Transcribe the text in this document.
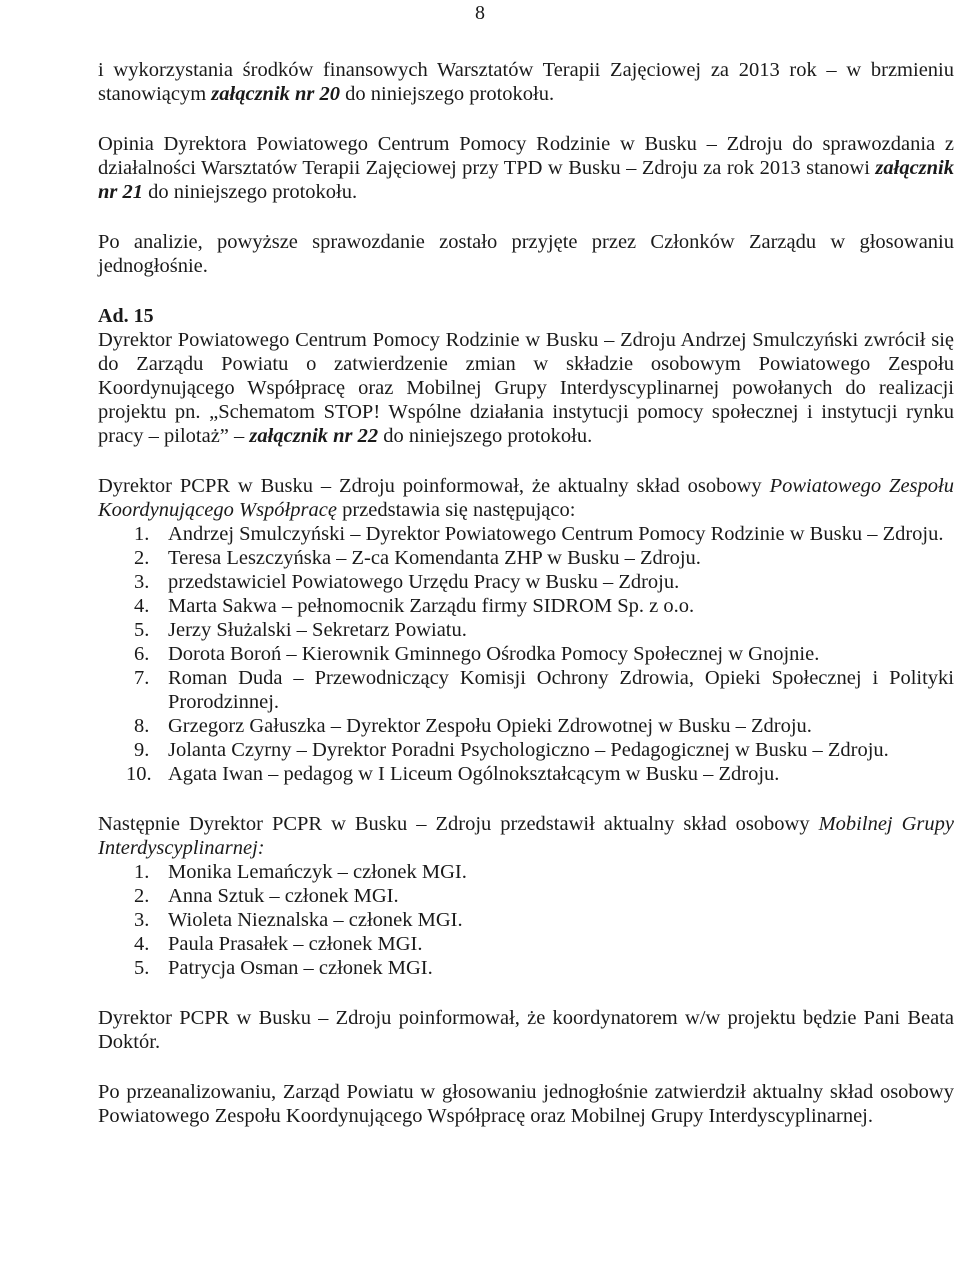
8

i wykorzystania środków finansowych Warsztatów Terapii Zajęciowej za 2013 rok – w brzmieniu stanowiącym załącznik nr 20 do niniejszego protokołu.

Opinia Dyrektora Powiatowego Centrum Pomocy Rodzinie w Busku – Zdroju do sprawozdania z działalności Warsztatów Terapii Zajęciowej przy TPD w Busku – Zdroju za rok 2013 stanowi załącznik nr 21 do niniejszego protokołu.

Po analizie, powyższe sprawozdanie zostało przyjęte przez Członków Zarządu w głosowaniu jednogłośnie.

Ad. 15

Dyrektor Powiatowego Centrum Pomocy Rodzinie w Busku – Zdroju Andrzej Smulczyński zwrócił się do Zarządu Powiatu o zatwierdzenie zmian w składzie osobowym Powiatowego Zespołu Koordynującego Współpracę oraz Mobilnej Grupy Interdyscyplinarnej powołanych do realizacji projektu pn. „Schematom STOP! Wspólne działania instytucji pomocy społecznej i instytucji rynku pracy – pilotaż” – załącznik nr 22 do niniejszego protokołu.

Dyrektor PCPR w Busku – Zdroju poinformował, że aktualny skład osobowy Powiatowego Zespołu Koordynującego Współpracę przedstawia się następująco:

1. Andrzej Smulczyński – Dyrektor Powiatowego Centrum Pomocy Rodzinie w Busku – Zdroju.
2. Teresa Leszczyńska – Z-ca Komendanta ZHP w Busku – Zdroju.
3. przedstawiciel Powiatowego Urzędu Pracy w Busku – Zdroju.
4. Marta Sakwa – pełnomocnik Zarządu firmy SIDROM Sp. z o.o.
5. Jerzy Służalski – Sekretarz Powiatu.
6. Dorota Boroń – Kierownik Gminnego Ośrodka Pomocy Społecznej w Gnojnie.
7. Roman Duda – Przewodniczący Komisji Ochrony Zdrowia, Opieki Społecznej i Polityki Prorodzinnej.
8. Grzegorz Gałuszka – Dyrektor Zespołu Opieki Zdrowotnej w Busku – Zdroju.
9. Jolanta Czyrny – Dyrektor Poradni Psychologiczno – Pedagogicznej w Busku – Zdroju.
10. Agata Iwan – pedagog w I Liceum Ogólnokształcącym w Busku – Zdroju.

Następnie Dyrektor PCPR w Busku – Zdroju przedstawił aktualny skład osobowy Mobilnej Grupy Interdyscyplinarnej:

1. Monika Lemańczyk – członek MGI.
2. Anna Sztuk – członek MGI.
3. Wioleta Nieznalska – członek MGI.
4. Paula Prasałek – członek MGI.
5. Patrycja Osman – członek MGI.

Dyrektor PCPR w Busku – Zdroju poinformował, że koordynatorem w/w projektu będzie Pani Beata Doktór.

Po przeanalizowaniu, Zarząd Powiatu w głosowaniu jednogłośnie zatwierdził aktualny skład osobowy Powiatowego Zespołu Koordynującego Współpracę oraz Mobilnej Grupy Interdyscyplinarnej.
